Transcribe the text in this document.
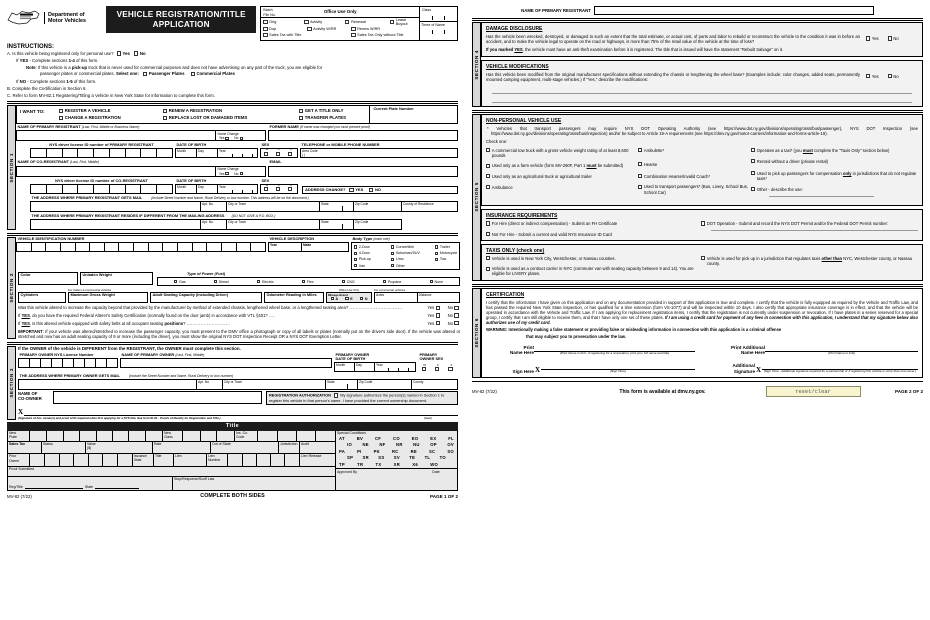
Department of
Motor Vehicles
VEHICLE REGISTRATION/TITLE APPLICATION
Batch
File No.
Office Use Only
Orig	Activity	Renewal	Lease Buyout
Dup	Activity W/RR	Renew W/RR
Sales Tax with Title	Sales Tax Only without Title
Class
Three of Name
INSTRUCTIONS:

A. Is this vehicle being registered only for personal use? Yes No

If YES - Complete sections 1-4 of this form.

Note: If this vehicle is a pick-up truck that is never used for commercial purposes and does not have advertising on any part of the truck, you are eligible for

passenger plates or commercial plates. Select one: Passenger Plates	Commercial Plates

If NO - Complete sections 1-5 of this form.

B. Complete the Certification in Section 6.

C. Refer to form MV-82.1 Registering/Titling a Vehicle in New York State for information to complete this form.

SECTION 1
I WANT TO:	REGISTER A VEHICLE
CHANGE A REGISTRATION
RENEW A REGISTRATION
REPLACE LOST OR DAMAGED ITEMS
GET A TITLE ONLY
TRANSFER PLATES
Current Plate Number
NAME OF PRIMARY REGISTRANT (Last, First, Middle or Business Name)
Name Change
Yes	No
FORMER NAME (If name was changed you must present proof)
NYS driver license ID number of PRIMARY REGISTRANT	DATE OF BIRTH
Month	Day	Year
SEX
M	F	X
TELEPHONE or MOBILE PHONE NUMBER
Area Code
( )
NAME OF CO-REGISTRANT (Last, First, Middle)
Name Change
Yes	No
EMAIL
NYS driver license ID number of CO-REGISTRANT	DATE OF BIRTH
Month	Day	Year
SEX
M	F	X
ADDRESS CHANGE? YES	NO
THE ADDRESS WHERE PRIMARY REGISTRANT GETS MAIL	(Include Street Number and Name, Rural Delivery or box number. This address will be on the document.)
Apt. No.	City or Town	State	Zip Code	County of Residence
THE ADDRESS WHERE PRIMARY REGISTRANT RESIDES IF DIFFERENT FROM THE MAILING ADDRESS (DO NOT GIVE A P.O. BOX.)
Apt. No.	City or Town	State	Zip Code
SECTION 2
VEHICLE IDENTIFICATION NUMBER	VEHICLE DESCRIPTION
Year	Make
Body Type (mark one)
2-Door
4-Door
Pick-up
Van
Convertible
Suburban/SUV
Limo
Other
Trailer
Motorcycle
Tow
Color	Unladen Weight	Type of Power (Fuel)
Gas	Diesel	Electric	Flex	CNG	Propane	None
Cylinders
For trailers & commercial vehicles
Maximum Gross Weight	Adult Seating Capacity (Including Driver)	Odometer Reading in Miles
Office Use Only
Mileage Brand
A	E	N
For commercial vehicles
Axles	Distance
Was this vehicle altered to increase the capacity beyond that provided by the manufacturer by method of extended chassis, lengthened wheel base, or a lengthened seating area? ..................................	Yes	No
If YES, do you have the required Federal Alterer's Safety Certification (normally found on the door jamb) in accordance with VTL §401? ....	Yes	No
If YES, is this altered vehicle equipped with safety belts at all occupant seating positions? ............................	Yes	No
IMPORTANT: If your vehicle was altered/stretched to increase the passenger capacity, you must present to the DMV office a photograph or copy of all labels or plates (normally put on the driver's side door). If the vehicle was altered or stretched and now has an adult seating capacity of 9 or more (including the driver), you must show the original NYS DOT Inspection Receipt OR a NYS DOT Exemption Letter.
SECTION 3
If the OWNER of the vehicle is DIFFERENT from the REGISTRANT, the OWNER must complete this section.
PRIMARY OWNER NYS License Number	NAME OF PRIMARY OWNER (Last, First, Middle)	PRIMARY OWNER
DATE OF BIRTH
Month	Day	Year
PRIMARY
OWNER SEX
M	F	X
THE ADDRESS WHERE PRIMARY OWNER GETS MAIL	(Include the Street Number and Name, Rural Delivery or box number)
Apt. No.	City or Town	State	Zip Code	County
NAME OF
CO-OWNER
REGISTRATION AUTHORIZATION My signature authorizes the person(s) named in Section 1 to register this vehicle in that person's name. I have provided the current ownership document.
X
(Signature of ALL owner(s) and proof of ID required when first applying for a NYS title. See form ID-82 - Proofs of Identity for Registration and Title.)	(Date)
Title
New
Plate
New
Class
Ins. Co.
Code
Sales Tax	Status	Value
($)
Rate	Out of State	Jurisdiction Audit
Prior
Owner
Issuance
State
Title	Lien	Lien
Number
Lien Release
Proof Submitted
Reg/Title	State
Stop/Response/Scoff Law
Special Conditions
AT	BV	CF	CO	EO	EX	FL
IO NE NF NR NU OP OV
PA	PI	PK	RC	RE	SC	SO
SP SR SS SV TE TL TO
TP	TR	TX	XR	X6	WO
Approved By	Date
MV-82 (7/22)	COMPLETE BOTH SIDES	PAGE 1 OF 2
NAME OF PRIMARY REGISTRANT
SECTION 4
DAMAGE DISCLOSURE
Has the vehicle been wrecked, destroyed, or damaged to such an extent that the total estimate, or actual cost, of parts and labor to rebuild or reconstruct the vehicle to the condition it was in before an accident, and to make the vehicle legal to operate on the road or highways, is more than 75% of the retail value of the vehicle at the time of loss?
Yes	No
If you marked YES, the vehicle must have an anti-theft examination before it is registered. The title that is issued will have the statement "Rebuilt Salvage" on it.
VEHICLE MODIFICATIONS
Has this vehicle been modified from the original manufacturer specifications without extending the chassis or lengthening the wheel base? (Examples include: color changes, added seats, permanently mounted camping equipment, multi-stage vehicles.) If "Yes," describe the modifications:
Yes	No
SECTION 5
NON-PERSONAL VEHICLE USE
* Vehicles that transport passengers may require NYS DOT Operating Authority (see https://www.dot.ny.gov/divisions/operating/osss/bus/passenger), NYS DOT Inspection (see https://www.dot.ny.gov/divisions/operating/osss/bus/inspection) and/or be subject to Article 19-A requirements (see https://dmv.ny.gov/motor-carriers/information-and-forms-article-19).
Check one:
A commercial tow truck with a gross vehicle weight rating of at least 8,600 pounds
Used only as a farm vehicle (form MV-260F, Part 1 must be submitted)
Used only as an agricultural truck or agricultural trailer
Ambulance
Ambulette*
Hearse
Combination Hearse/Invalid Coach*
Used to transport passengers* (Bus, Livery, School Bus, School Car)
Operates as a taxi* (you must complete the "Taxis Only" section below)
Rented without a driver (private rental)
Used to pick up passengers for compensation only in jurisdictions that do not regulate taxis*
Other - describe the use:
INSURANCE REQUIREMENTS
For Hire (direct or indirect compensation) - Submit an FH Certificate
Not For Hire - Submit a current and valid NYS Insurance ID Card
DOT Operation - Submit and record the NYS DOT Permit and/or the Federal DOT Permit number:
TAXIS ONLY (check one)
Vehicle is used in New York City, Westchester, or Nassau counties.
Vehicle is used as a contract carrier in NYC (commuter van with seating capacity between 9 and 14). You are eligible for LIVERY plates.
Vehicle is used for pick up in a jurisdiction that regulates taxis other than NYC, Westchester county, or Nassau county.
SECTION 6
CERTIFICATION

I certify that the information I have given on this application and on any documentation provided in support of this application is true and complete. I certify that the vehicle is fully equipped as required by the Vehicle and Traffic Law, and has passed the required New York State inspection, or has qualified for a time extension (form VS-1077) and will be inspected within 10 days. I also certify that appropriate insurance coverage is in effect, and that the vehicle will be operated in accordance with the Vehicle and Traffic Law. If I am applying for replacement registration items, I certify that the registration is not currently under suspension or revocation. If I have plates in a series reserved for a special group, I certify that I am still eligible to receive them, and that I have only one set of these plates. If I am using a credit card for payment of any fees in connection with this application, I understand that my signature below also authorizes use of my credit card.

WARNING: Intentionally making a false statement or providing false or misleading information in connection with this application is a criminal offense

that may subject you to prosecution under the law.

Print
Name Here	(Print Name in Full - if registering for a corporation, print your full name and title)
Print Additional
Name Here	(Print Name in Full)
Sign Here X	(Sign Here)
Additional
Signature X (Sign Here - Additional signature required for a partnership or if registering this vehicle in more than one name.)
MV-82 (7/22)	This form is available at dmv.ny.gov.	reset/clear	PAGE 2 OF 2
